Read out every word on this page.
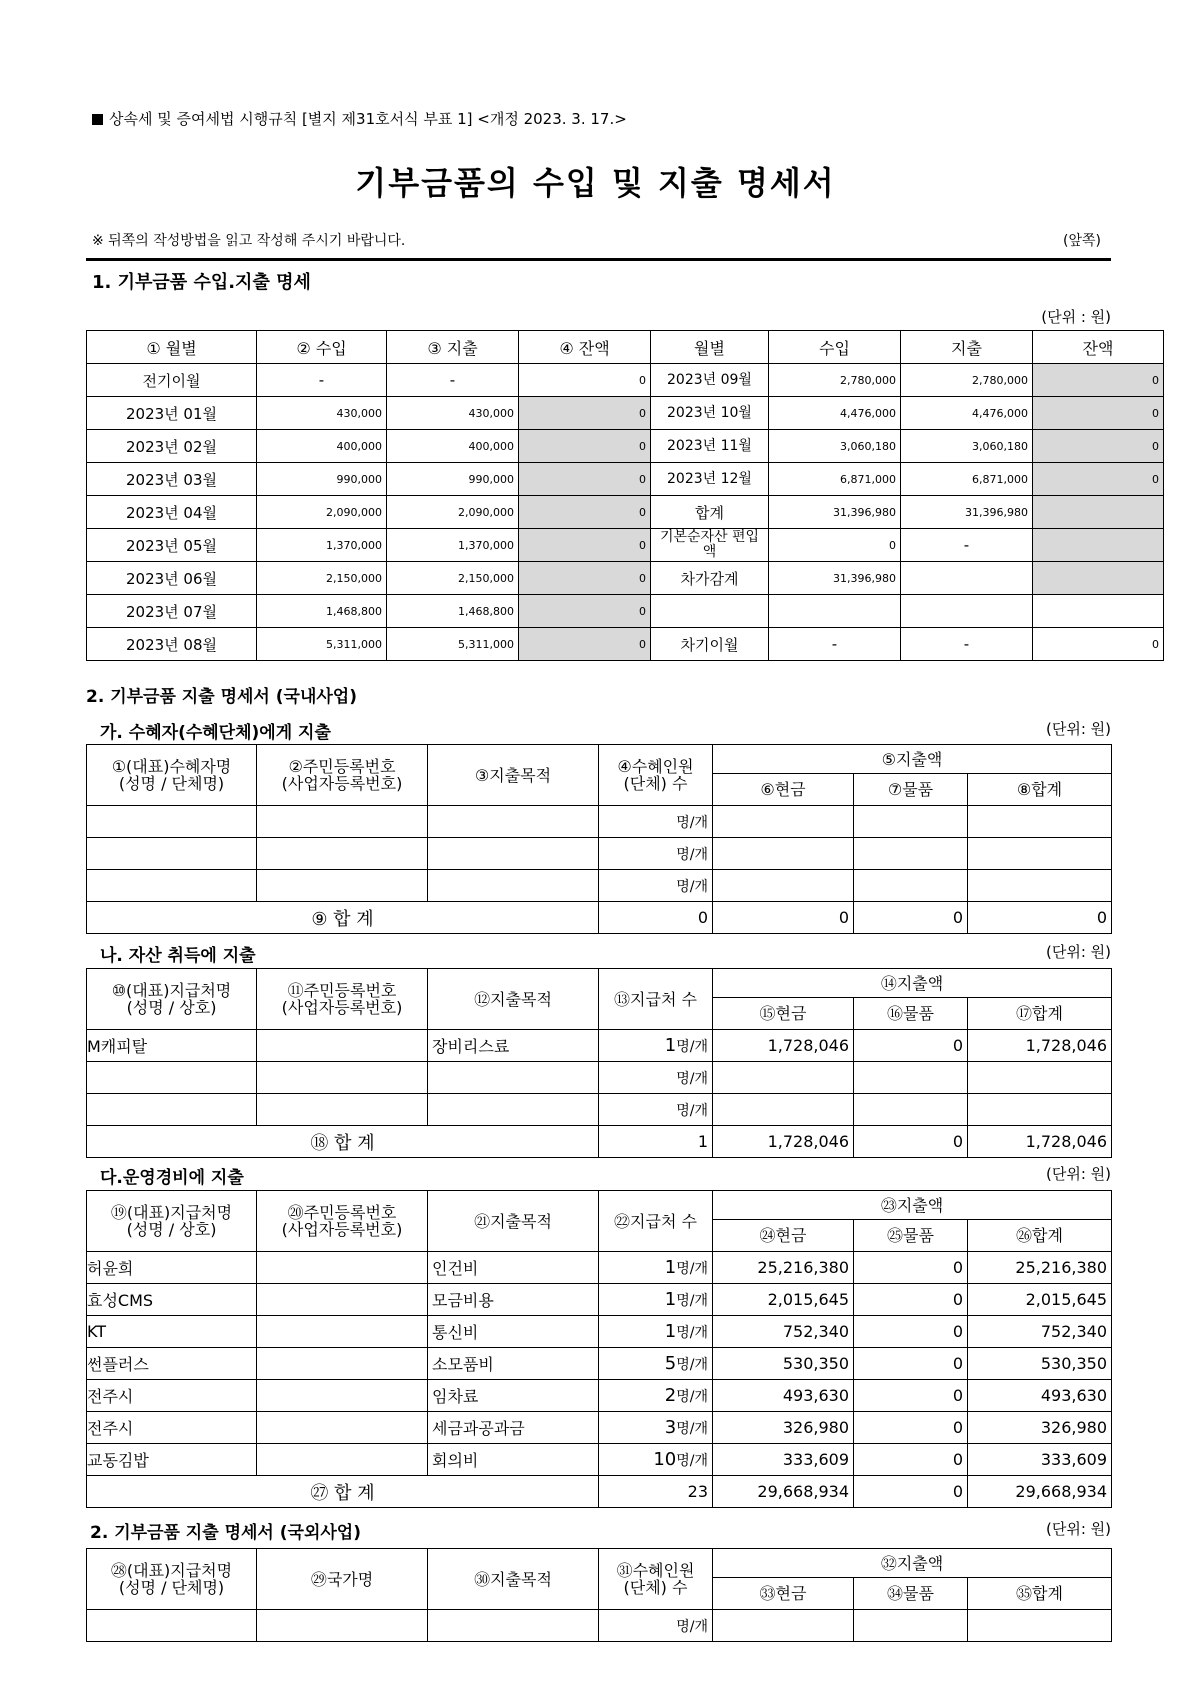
상속세 및 증여세법 시행규칙 [별지 제31호서식 부표 1] <개정 2023. 3. 17.>
기부금품의 수입 및 지출 명세서
※ 뒤쪽의 작성방법을 읽고 작성해 주시기 바랍니다.	(앞쪽)
1. 기부금품 수입.지출 명세
(단위 : 원)
① 월별	② 수입	③ 지출	④ 잔액	월별	수입	지출	잔액
전기이월	-	-	0	2023년 09월	2,780,000	2,780,000	0
2023년 01월	430,000	430,000	0	2023년 10월	4,476,000	4,476,000	0
2023년 02월	400,000	400,000	0	2023년 11월	3,060,180	3,060,180	0
2023년 03월	990,000	990,000	0	2023년 12월	6,871,000	6,871,000	0
2023년 04월	2,090,000	2,090,000	0	합계	31,396,980	31,396,980	
2023년 05월	1,370,000	1,370,000	0	기본순자산 편입액	0	-	
2023년 06월	2,150,000	2,150,000	0	차가감계	31,396,980		
2023년 07월	1,468,800	1,468,800	0				
2023년 08월	5,311,000	5,311,000	0	차기이월	-	-	0
2. 기부금품 지출 명세서 (국내사업)
가. 수혜자(수혜단체)에게 지출	(단위: 원)
①(대표)수혜자명
(성명 / 단체명)	②주민등록번호
(사업자등록번호)	③지출목적	④수혜인원
(단체) 수	⑤지출액		
				⑥현금	⑦물품	⑧합계
			명/개			
			명/개			
			명/개			
⑨ 합 계			0	0	0	0
나. 자산 취득에 지출	(단위: 원)
⑩(대표)지급처명
(성명 / 상호)	⑪주민등록번호
(사업자등록번호)	⑫지출목적	⑬지급처 수	⑭지출액		
				⑮현금	⑯물품	⑰합계
M캐피탈		장비리스료	1명/개	1,728,046	0	1,728,046
			명/개			
			명/개			
⑱ 합 계			1	1,728,046	0	1,728,046
다.운영경비에 지출	(단위: 원)
⑲(대표)지급처명
(성명 / 상호)	⑳주민등록번호
(사업자등록번호)	㉑지출목적	㉒지급처 수	㉓지출액		
				㉔현금	㉕물품	㉖합계
허윤희		인건비	1명/개	25,216,380	0	25,216,380
효성CMS		모금비용	1명/개	2,015,645	0	2,015,645
KT		통신비	1명/개	752,340	0	752,340
썬플러스		소모품비	5명/개	530,350	0	530,350
전주시		임차료	2명/개	493,630	0	493,630
전주시		세금과공과금	3명/개	326,980	0	326,980
교동김밥		회의비	10명/개	333,609	0	333,609
㉗ 합 계			23	29,668,934	0	29,668,934
2. 기부금품 지출 명세서 (국외사업)	(단위: 원)
㉘(대표)지급처명
(성명 / 단체명)	㉙국가명	㉚지출목적	㉛수혜인원
(단체) 수	㉜지출액		
				㉝현금	㉞물품	㉟합계
			명/개			
